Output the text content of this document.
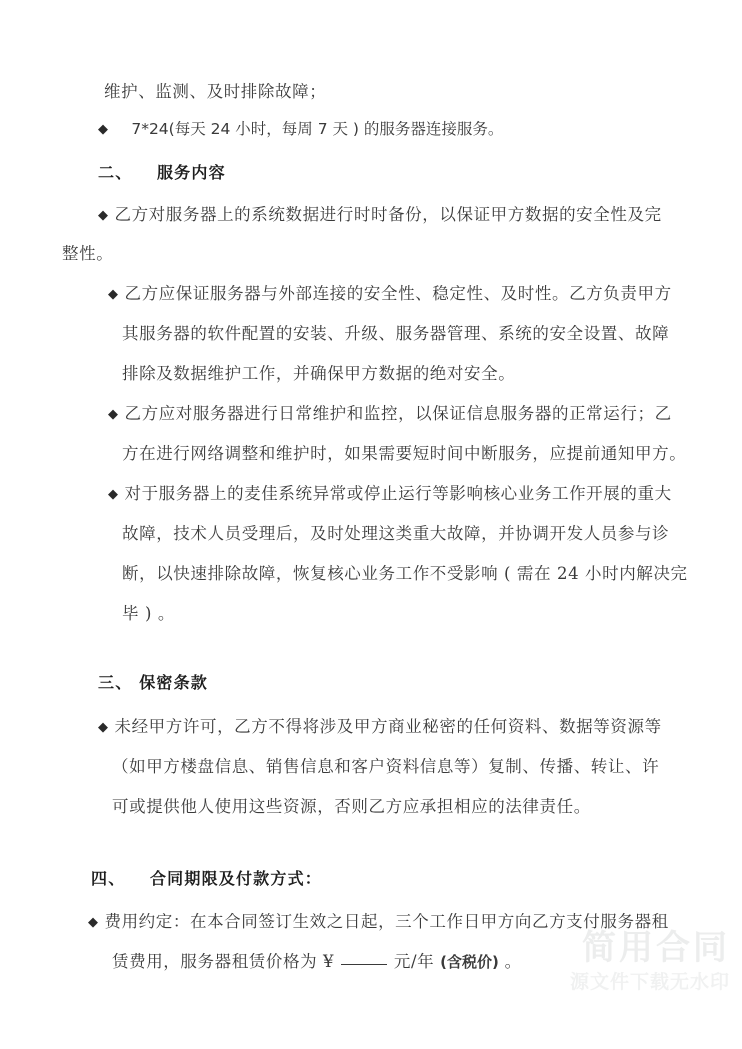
简用合同
源文件下载无水印
维护、监测、及时排除故障；
◆ 7*24(每天 24 小时，每周 7 天 ) 的服务器连接服务。
二、 服务内容
◆ 乙方对服务器上的系统数据进行时时备份，以保证甲方数据的安全性及完
整性。
◆ 乙方应保证服务器与外部连接的安全性、稳定性、及时性。乙方负责甲方
其服务器的软件配置的安装、升级、服务器管理、系统的安全设置、故障
排除及数据维护工作，并确保甲方数据的绝对安全。
◆ 乙方应对服务器进行日常维护和监控，以保证信息服务器的正常运行；乙
方在进行网络调整和维护时，如果需要短时间中断服务，应提前通知甲方。
◆ 对于服务器上的麦佳系统异常或停止运行等影响核心业务工作开展的重大
故障，技术人员受理后，及时处理这类重大故障，并协调开发人员参与诊
断，以快速排除故障，恢复核心业务工作不受影响 ( 需在 24 小时内解决完
毕 ) 。
三、 保密条款
◆ 未经甲方许可，乙方不得将涉及甲方商业秘密的任何资料、数据等资源等
（如甲方楼盘信息、销售信息和客户资料信息等）复制、传播、转让、许
可或提供他人使用这些资源，否则乙方应承担相应的法律责任。
四、 合同期限及付款方式：
◆ 费用约定：在本合同签订生效之日起，三个工作日甲方向乙方支付服务器租
赁费用，服务器租赁价格为 ¥	元/年 (含税价) 。
